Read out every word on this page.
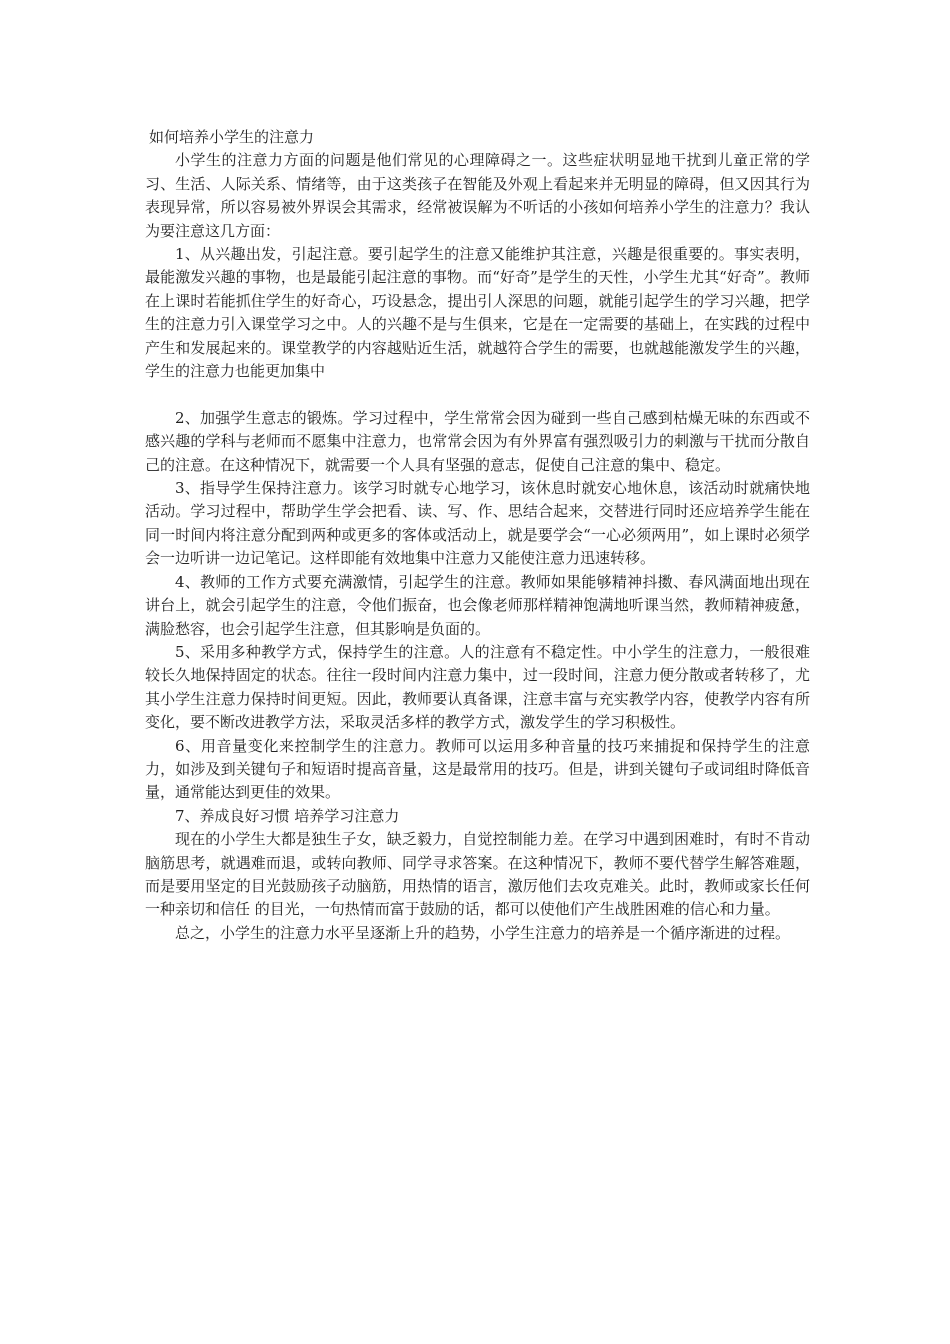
如何培养小学生的注意力

小学生的注意力方面的问题是他们常见的心理障碍之一。这些症状明显地干扰到儿童正常的学习、生活、人际关系、情绪等，由于这类孩子在智能及外观上看起来并无明显的障碍，但又因其行为表现异常，所以容易被外界误会其需求，经常被误解为不听话的小孩如何培养小学生的注意力？我认为要注意这几方面：

1、从兴趣出发，引起注意。要引起学生的注意又能维护其注意，兴趣是很重要的。事实表明，最能激发兴趣的事物，也是最能引起注意的事物。而“好奇”是学生的天性，小学生尤其“好奇”。教师在上课时若能抓住学生的好奇心，巧设悬念，提出引人深思的问题，就能引起学生的学习兴趣，把学生的注意力引入课堂学习之中。人的兴趣不是与生俱来，它是在一定需要的基础上，在实践的过程中产生和发展起来的。课堂教学的内容越贴近生活，就越符合学生的需要，也就越能激发学生的兴趣，学生的注意力也能更加集中

2、加强学生意志的锻炼。学习过程中，学生常常会因为碰到一些自己感到枯燥无味的东西或不感兴趣的学科与老师而不愿集中注意力，也常常会因为有外界富有强烈吸引力的刺激与干扰而分散自己的注意。在这种情况下，就需要一个人具有坚强的意志，促使自己注意的集中、稳定。

3、指导学生保持注意力。该学习时就专心地学习，该休息时就安心地休息，该活动时就痛快地活动。学习过程中，帮助学生学会把看、读、写、作、思结合起来，交替进行同时还应培养学生能在同一时间内将注意分配到两种或更多的客体或活动上，就是要学会“一心必须两用”，如上课时必须学会一边听讲一边记笔记。这样即能有效地集中注意力又能使注意力迅速转移。

4、教师的工作方式要充满激情，引起学生的注意。教师如果能够精神抖擞、春风满面地出现在讲台上，就会引起学生的注意，令他们振奋，也会像老师那样精神饱满地听课当然，教师精神疲惫，满脸愁容，也会引起学生注意，但其影响是负面的。

5、采用多种教学方式，保持学生的注意。人的注意有不稳定性。中小学生的注意力，一般很难较长久地保持固定的状态。往往一段时间内注意力集中，过一段时间，注意力便分散或者转移了，尤其小学生注意力保持时间更短。因此，教师要认真备课，注意丰富与充实教学内容，使教学内容有所变化，要不断改进教学方法，采取灵活多样的教学方式，激发学生的学习积极性。

6、用音量变化来控制学生的注意力。教师可以运用多种音量的技巧来捕捉和保持学生的注意力，如涉及到关键句子和短语时提高音量，这是最常用的技巧。但是，讲到关键句子或词组时降低音量，通常能达到更佳的效果。

7、养成良好习惯 培养学习注意力

现在的小学生大都是独生子女，缺乏毅力，自觉控制能力差。在学习中遇到困难时，有时不肯动脑筋思考，就遇难而退，或转向教师、同学寻求答案。在这种情况下，教师不要代替学生解答难题，而是要用坚定的目光鼓励孩子动脑筋，用热情的语言，激厉他们去攻克难关。此时，教师或家长任何一种亲切和信任 的目光，一句热情而富于鼓励的话，都可以使他们产生战胜困难的信心和力量。

总之，小学生的注意力水平呈逐渐上升的趋势，小学生注意力的培养是一个循序渐进的过程。
